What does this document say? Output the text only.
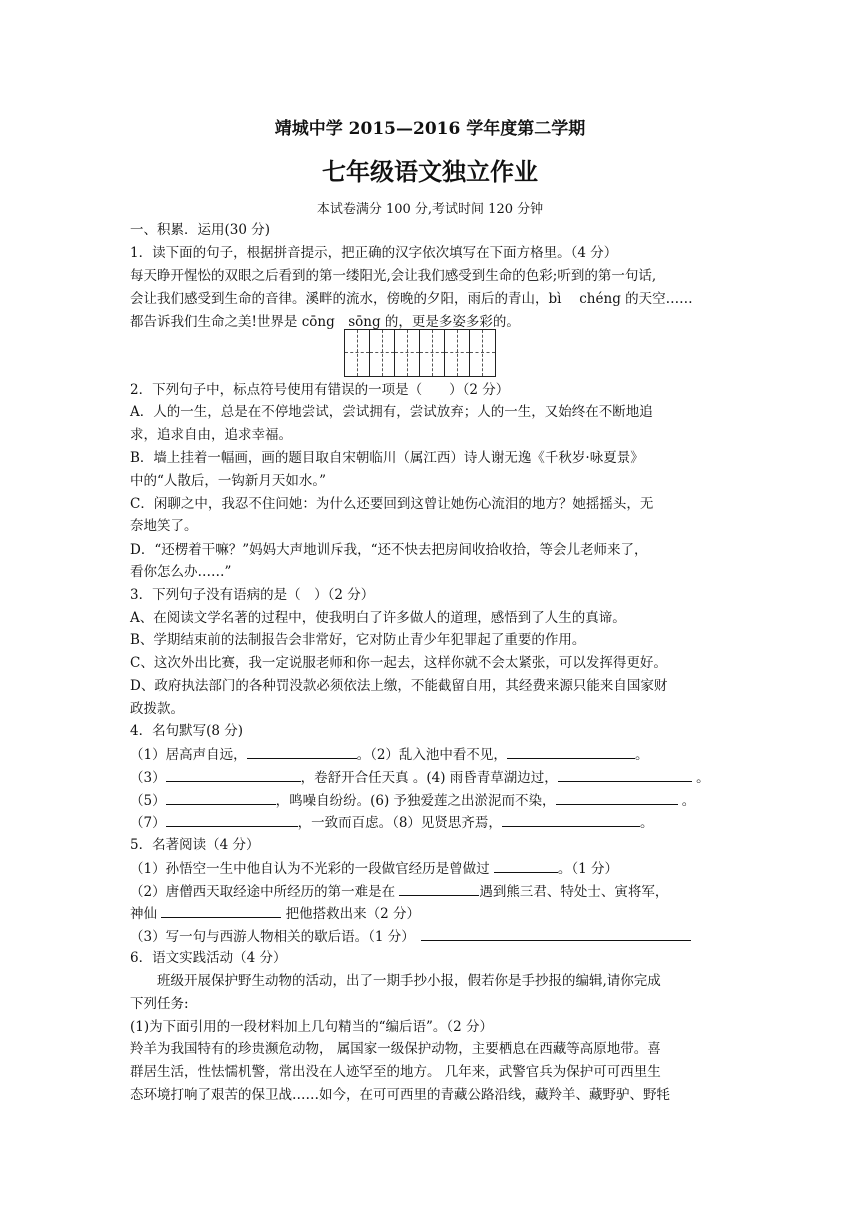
靖城中学 2015—2016 学年度第二学期
七年级语文独立作业
本试卷满分 100 分,考试时间 120 分钟
一、积累．运用(30 分)
1．读下面的句子，根据拼音提示，把正确的汉字依次填写在下面方格里。（4 分）
每天睁开惺忪的双眼之后看到的第一缕阳光,会让我们感受到生命的色彩;听到的第一句话,
会让我们感受到生命的音律。溪畔的流水，傍晚的夕阳，雨后的青山，bì　 chéng 的天空……
都告诉我们生命之美!世界是 cōng　sōng 的，更是多姿多彩的。
2．下列句子中，标点符号使用有错误的一项是（　　）（2 分）
A．人的一生，总是在不停地尝试，尝试拥有，尝试放弃；人的一生，又始终在不断地追
求，追求自由，追求幸福。
B．墙上挂着一幅画，画的题目取自宋朝临川（属江西）诗人谢无逸《千秋岁·咏夏景》
中的“人散后，一钩新月天如水。”
C．闲聊之中，我忍不住问她：为什么还要回到这曾让她伤心流泪的地方？她摇摇头，无
奈地笑了。
D．“还楞着干嘛？”妈妈大声地训斥我，“还不快去把房间收拾收拾，等会儿老师来了，
看你怎么办……”
3．下列句子没有语病的是（　）（2 分）
A、在阅读文学名著的过程中，使我明白了许多做人的道理，感悟到了人生的真谛。
B、学期结束前的法制报告会非常好，它对防止青少年犯罪起了重要的作用。
C、这次外出比赛，我一定说服老师和你一起去，这样你就不会太紧张，可以发挥得更好。
D、政府执法部门的各种罚没款必须依法上缴，不能截留自用，其经费来源只能来自国家财
政拨款。
4．名句默写(8 分)
（1）居高声自远，	。（2）乱入池中看不见，	。
（3）	，卷舒开合任天真 。(4) 雨昏青草湖边过，	。
（5）	，鸣噪自纷纷。(6) 予独爱莲之出淤泥而不染，	。
（7）	，一致而百虑。（8）见贤思齐焉，	。
5．名著阅读（4 分）
（1）孙悟空一生中他自认为不光彩的一段做官经历是曾做过	。（1 分）
（2）唐僧西天取经途中所经历的第一难是在	遇到熊三君、特处士、寅将军，
神仙	把他搭救出来（2 分）
（3）写一句与西游人物相关的歇后语。（1 分）
6．语文实践活动（4 分）
　　班级开展保护野生动物的活动，出了一期手抄小报，假若你是手抄报的编辑,请你完成
下列任务:
(1)为下面引用的一段材料加上几句精当的“编后语”。（2 分）
羚羊为我国特有的珍贵濒危动物， 属国家一级保护动物，主要栖息在西藏等高原地带。喜
群居生活，性怯懦机警，常出没在人迹罕至的地方。 几年来，武警官兵为保护可可西里生
态环境打响了艰苦的保卫战……如今，在可可西里的青藏公路沿线，藏羚羊、藏野驴、野牦
